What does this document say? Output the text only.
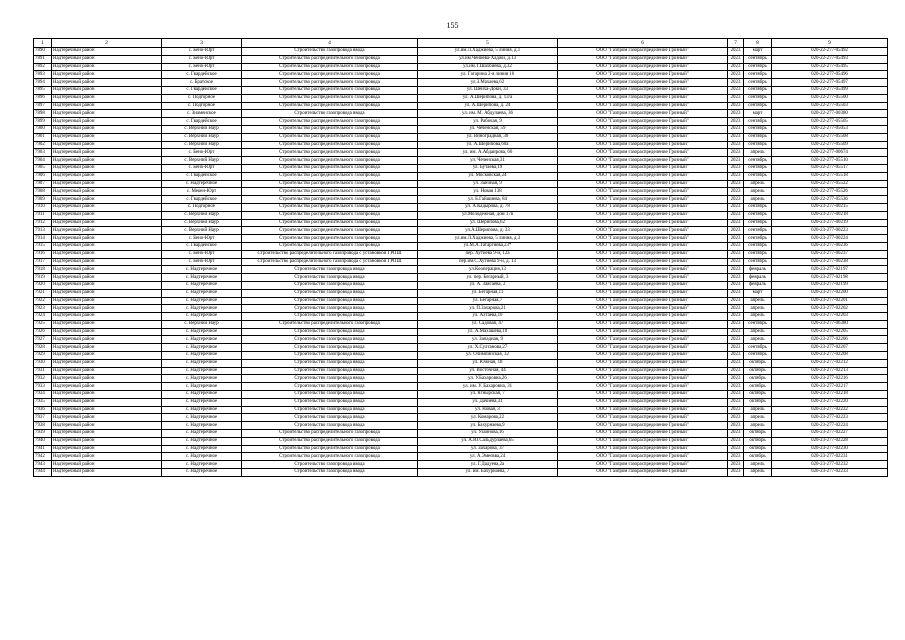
155
1	2	3	4	5	6	7	8	9
7890	Надтеречный район	с. Бено-Юрт	Строительство газопровода ввода	ул.им.Л.Хаджиева, 5 линия, д.1	ООО "Газпром газораспределение Грозный"	2023	март	020-22-277-05492
7891	Надтеречный район	с. Бено-Юрт	Строительство распределительного газопровода	ул.им.Чениева-Хаджи, д.13	ООО "Газпром газораспределение Грозный"	2023	сентябрь	020-22-277-05493
7892	Надтеречный район	с. Бено-Юрт	Строительство распределительного газопровода	ул.им.Т.Шахбиева, д.32	ООО "Газпром газораспределение Грозный"	2023	сентябрь	020-22-277-05495
7893	Надтеречный район	с. Гвардейское	Строительство распределительного газопровода	ул. Гагарина 2-я линия 16	ООО "Газпром газораспределение Грозный"	2023	сентябрь	020-22-277-05496
7894	Надтеречный район	с. Братское	Строительство распределительного газопровода	ул.3.Махаева,62	ООО "Газпром газораспределение Грозный"	2023	сентябрь	020-22-277-05497
7895	Надтеречный район	с. Гвардейское	Строительство распределительного газопровода	ул. Шейха-Доки, 33	ООО "Газпром газораспределение Грозный"	2023	сентябрь	020-22-277-05499
7896	Надтеречный район	с. Подгорное	Строительство распределительного газопровода	ул. А.Шерипова, д. 13/а	ООО "Газпром газораспределение Грозный"	2023	сентябрь	020-22-277-05500
7897	Надтеречный район	с. Подгорное	Строительство распределительного газопровода	ул. А.Шерипова, д. 24	ООО "Газпром газораспределение Грозный"	2023	сентябрь	020-22-277-05503
7898	Надтеречный район	с. Знаменское	Строительство газопровода ввода	ул. им. М. Абдулаева, 36	ООО "Газпром газораспределение Грозный"	2023	март	020-22-277-00380
7899	Надтеречный район	с. Гвардейское	Строительство распределительного газопровода	ул. Рабочая, 9	ООО "Газпром газораспределение Грозный"	2023	сентябрь	020-22-277-05505
7900	Надтеречный район	с. Верхний Наур	Строительство распределительного газопровода	ул. Чеченская, 59	ООО "Газпром газораспределение Грозный"	2023	сентябрь	020-22-277-05053
7901	Надтеречный район	с. Верхний Наур	Строительство распределительного газопровода	ул. Виноградная, 30	ООО "Газпром газораспределение Грозный"	2023	сентябрь	020-22-277-05508
7902	Надтеречный район	с. Верхний Наур	Строительство распределительного газопровода	ул. А.Шерипова,60а	ООО "Газпром газораспределение Грозный"	2023	сентябрь	020-22-277-05509
7903	Надтеречный район	с. Бено-Юрт	Строительство распределительного газопровода	ул. им. А.Абдаирова, 66	ООО "Газпром газораспределение Грозный"	2023	апрель	020-22-277-00674
7904	Надтеречный район	с. Верхний Наур	Строительство распределительного газопровода	ул. Чеченская,31	ООО "Газпром газораспределение Грозный"	2023	сентябрь	020-22-277-05510
7905	Надтеречный район	с. Бено-Юрт	Строительство распределительного газопровода	ул. Бутаева,19	ООО "Газпром газораспределение Грозный"	2023	сентябрь	020-22-277-05517
7906	Надтеречный район	с. Гвардейское	Строительство распределительного газопровода	ул. Московская,24	ООО "Газпром газораспределение Грозный"	2023	сентябрь	020-22-277-05518
7907	Надтеречный район	с. Надтеречное	Строительство распределительного газопровода	ул. Заичная, 9	ООО "Газпром газораспределение Грозный"	2023	апрель	020-22-277-05522
7908	Надтеречный район	с. Мекен-Юрт	Строительство распределительного газопровода	ул. Новая 138	ООО "Газпром газораспределение Грозный"	2023	апрель	020-22-277-05526
7909	Надтеречный район	с. Гвардейское	Строительство распределительного газопровода	ул. Б.Гайшиева, 84	ООО "Газпром газораспределение Грозный"	2023	апрель	020-22-277-05536
7910	Надтеречный район	с. Подгорное	Строительство распределительного газопровода	ул. А.Кадырова, д. 78	ООО "Газпром газораспределение Грозный"	2023	сентябрь	020-23-277-00215
7911	Надтеречный район	с. Верхний Наур	Строительство распределительного газопровода	ул.Молодежная, дом 17в	ООО "Газпром газораспределение Грозный"	2023	сентябрь	020-23-277-00218
7912	Надтеречный район	с. Верхний Наур	Строительство распределительного газопровода	ул. Шерипова,62	ООО "Газпром газораспределение Грозный"	2023	сентябрь	020-23-277-00219
7913	Надтеречный район	с. Верхний Наур	Строительство распределительного газопровода	ул.А.Шерипова, д. 33	ООО "Газпром газораспределение Грозный"	2023	сентябрь	020-23-277-00223
7914	Надтеречный район	с. Бено-Юрт	Строительство распределительного газопровода	ул.им.Л.Хаджиева, 5 линия, д.3	ООО "Газпром газораспределение Грозный"	2023	сентябрь	020-23-277-00224
7915	Надтеречный район	с. Гвардейское	Строительство распределительного газопровода	ул.М.А.Татаргиева,23*	ООО "Газпром газораспределение Грозный"	2023	сентябрь	020-23-277-00236
7916	Надтеречный район	с. Бено-Юрт	Строительство распределительного газопровода с установкой ГРПШ	пер. Хутиева 9-й, 12а	ООО "Газпром газораспределение Грозный"	2023	сентябрь	020-23-277-00237
7917	Надтеречный район	с. Бено-Юрт	Строительство распределительного газопровода с установкой ГРПШ	пер.им.С.Хутиева 9-й, д. 13	ООО "Газпром газораспределение Грозный"	2023	сентябрь	020-23-277-00238
7918	Надтеречный район	с. Надтеречное	Строительство газопровода ввода	ул.Кооперация,13	ООО "Газпром газораспределение Грозный"	2023	февраль	020-23-277-02197
7919	Надтеречный район	с. Надтеречное	Строительство газопровода ввода	ул. пер. Бегарный, 3	ООО "Газпром газораспределение Грозный"	2023	февраль	020-23-277-02198
7920	Надтеречный район	с. Надтеречное	Строительство газопровода ввода	ул. А. Заясаева, 2	ООО "Газпром газораспределение Грозный"	2023	февраль	020-23-277-02199
7921	Надтеречный район	с. Надтеречное	Строительство газопровода ввода	ул. Бегарная,11	ООО "Газпром газораспределение Грозный"	2023	март	020-23-277-02200
7922	Надтеречный район	с. Надтеречное	Строительство газопровода ввода	ул. Бегарная,7	ООО "Газпром газораспределение Грозный"	2023	апрель	020-23-277-02201
7923	Надтеречный район	с. Надтеречное	Строительство газопровода ввода	ул. П.Захарова,21	ООО "Газпром газораспределение Грозный"	2023	апрель	020-23-277-02202
7924	Надтеречный район	с. Надтеречное	Строительство газопровода ввода	ул. Ахтаева,10	ООО "Газпром газораспределение Грозный"	2023	апрель	020-23-277-02203
7925	Надтеречный район	с. Верхний Наур	Строительство распределительного газопровода	ул. Садовая, 47	ООО "Газпром газораспределение Грозный"	2023	сентябрь	020-23-277-06380
7926	Надтеречный район	с. Надтеречное	Строительство газопровода ввода	ул. А.Махашева,10	ООО "Газпром газораспределение Грозный"	2023	апрель	020-23-277-02205
7927	Надтеречный район	с. Надтеречное	Строительство газопровода ввода	ул. Западная, 9	ООО "Газпром газораспределение Грозный"	2023	апрель	020-23-277-02206
7928	Надтеречный район	с. Надтеречное	Строительство газопровода ввода	ул. Х.Султанова,27	ООО "Газпром газораспределение Грозный"	2023	сентябрь	020-23-277-02207
7929	Надтеречный район	с. Надтеречное	Строительство газопровода ввода	ул. Олимпийская, 32	ООО "Газпром газораспределение Грозный"	2023	сентябрь	020-23-277-02208
7930	Надтеречный район	с. Надтеречное	Строительство газопровода ввода	ул. Южная, 18	ООО "Газпром газораспределение Грозный"	2023	октябрь	020-23-277-02212
7931	Надтеречный район	с. Надтеречное	Строительство газопровода ввода	ул. Восточная, 44	ООО "Газпром газораспределение Грозный"	2023	октябрь	020-23-277-02213
7932	Надтеречный район	с. Надтеречное	Строительство газопровода ввода	ул. У.Бахаровна,26	ООО "Газпром газораспределение Грозный"	2023	октябрь	020-23-277-02216
7933	Надтеречный район	с. Надтеречное	Строительство газопровода ввода	ул. им. У. Бахаровна, 31	ООО "Газпром газораспределение Грозный"	2023	октябрь	020-23-277-02217
7934	Надтеречный район	с. Надтеречное	Строительство газопровода ввода	ул. Ягнырская, 7	ООО "Газпром газораспределение Грозный"	2023	октябрь	020-23-277-02218
7935	Надтеречный район	с. Надтеречное	Строительство газопровода ввода	ул. Дачиева,31	ООО "Газпром газораспределение Грозный"	2023	октябрь	020-23-277-02220
7936	Надтеречный район	с. Надтеречное	Строительство газопровода ввода	ул. Новая, 3	ООО "Газпром газораспределение Грозный"	2023	апрель	020-23-277-02222
7937	Надтеречный район	с. Надтеречное	Строительство газопровода ввода	ул. Комарова,22	ООО "Газпром газораспределение Грозный"	2023	апрель	020-23-277-02223
7938	Надтеречный район	с. Надтеречное	Строительство газопровода ввода	ул. Бахурнаева,9	ООО "Газпром газораспределение Грозный"	2023	апрель	020-23-277-02224
7939	Надтеречный район	с. Надтеречное	Строительство распределительного газопровода	ул. Узаинова,16	ООО "Газпром газораспределение Грозный"	2023	октябрь	020-23-277-02227
7940	Надтеречный район	с. Надтеречное	Строительство распределительного газопровода	ул. А.Ю.Сальдурзаева,65	ООО "Газпром газораспределение Грозный"	2023	октябрь	020-23-277-02228
7941	Надтеречный район	с. Надтеречное	Строительство распределительного газопровода	ул. Захарова, 37	ООО "Газпром газораспределение Грозный"	2023	октябрь	020-23-277-02230
7942	Надтеречный район	с. Надтеречное	Строительство распределительного газопровода	ул. А.Эмеєвва,24	ООО "Газпром газораспределение Грозный"	2023	октябрь	020-23-277-02231
7943	Надтеречный район	с. Надтеречное	Строительство газопровода ввода	ул. Г.Дадуева,2а	ООО "Газпром газораспределение Грозный"	2023	апрель	020-23-277-02232
7944	Надтеречный район	с. Надтеречное	Строительство газопровода ввода	ул. им. Бахурнаева, 7	ООО "Газпром газораспределение Грозный"	2023	апрель	020-23-277-02233
